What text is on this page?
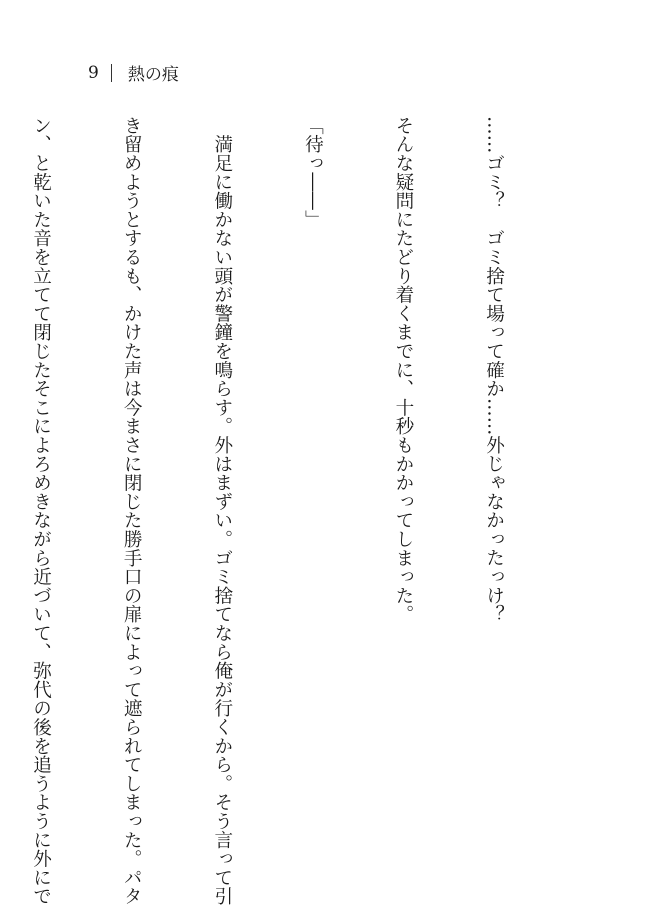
9 熱の痕

……ゴミ？　ゴミ捨て場って確か……外じゃなかったっけ？

そんな疑問にたどり着くまでに、十秒もかかってしまった。

「待っ――」

　満足に働かない頭が警鐘を鳴らす。外はまずい。ゴミ捨てなら俺が行くから。そう言って引

き留めようとするも、かけた声は今まさに閉じた勝手口の扉によって遮られてしまった。パタ

ン、と乾いた音を立てて閉じたそこによろめきながら近づいて、弥代の後を追うように外にで
